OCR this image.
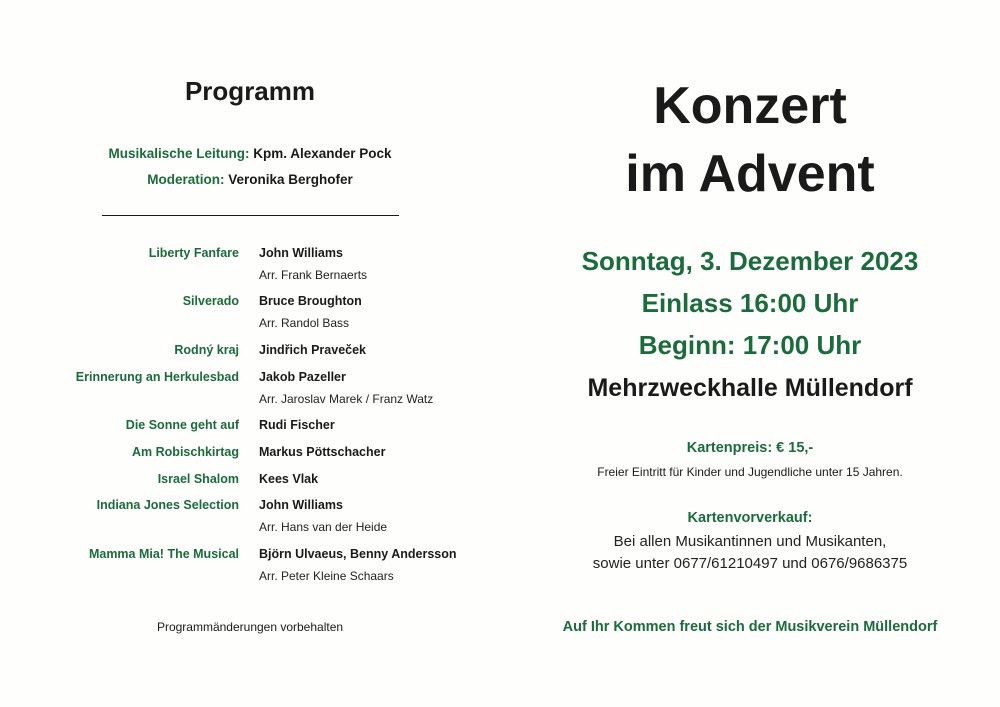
Programm
Musikalische Leitung: Kpm. Alexander Pock
Moderation: Veronika Berghofer
Liberty Fanfare John Williams
Arr. Frank Bernaerts
Silverado Bruce Broughton
Arr. Randol Bass
Rodný kraj Jindřich Praveček
Erinnerung an Herkulesbad Jakob Pazeller
Arr. Jaroslav Marek / Franz Watz
Die Sonne geht auf Rudi Fischer
Am Robischkirtag Markus Pöttschacher
Israel Shalom Kees Vlak
Indiana Jones Selection John Williams
Arr. Hans van der Heide
Mamma Mia! The Musical Björn Ulvaeus, Benny Andersson
Arr. Peter Kleine Schaars
Programmänderungen vorbehalten
Konzert
im Advent
Sonntag, 3. Dezember 2023
Einlass 16:00 Uhr
Beginn: 17:00 Uhr
Mehrzweckhalle Müllendorf
Kartenpreis: € 15,-
Freier Eintritt für Kinder und Jugendliche unter 15 Jahren.
Kartenvorverkauf:
Bei allen Musikantinnen und Musikanten,
sowie unter 0677/61210497 und 0676/9686375
Auf Ihr Kommen freut sich der Musikverein Müllendorf
